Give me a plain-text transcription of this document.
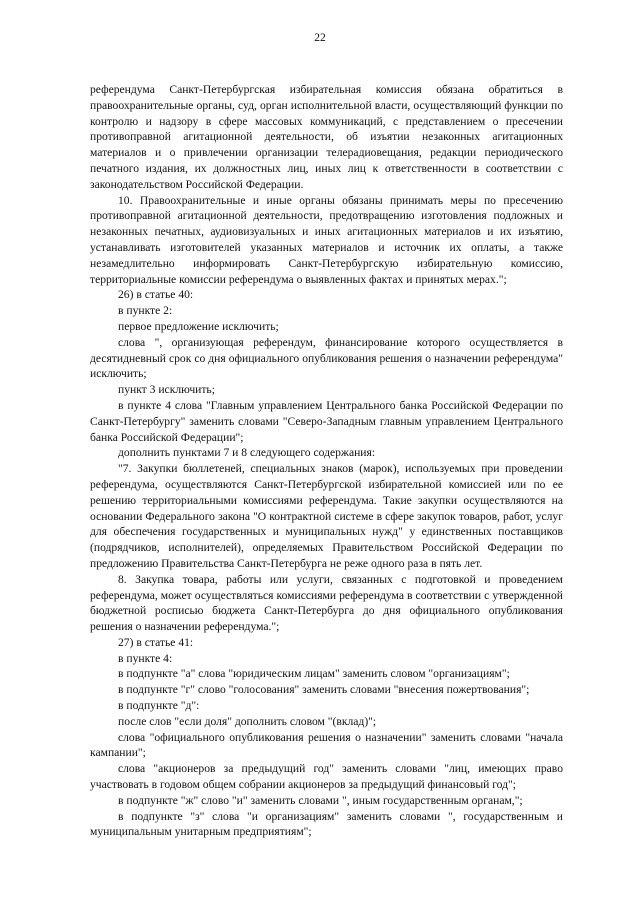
22

референдума Санкт-Петербургская избирательная комиссия обязана обратиться в правоохранительные органы, суд, орган исполнительной власти, осуществляющий функции по контролю и надзору в сфере массовых коммуникаций, с представлением о пресечении противоправной агитационной деятельности, об изъятии незаконных агитационных материалов и о привлечении организации телерадиовещания, редакции периодического печатного издания, их должностных лиц, иных лиц к ответственности в соответствии с законодательством Российской Федерации.

10. Правоохранительные и иные органы обязаны принимать меры по пресечению противоправной агитационной деятельности, предотвращению изготовления подложных и незаконных печатных, аудиовизуальных и иных агитационных материалов и их изъятию, устанавливать изготовителей указанных материалов и источник их оплаты, а также незамедлительно информировать Санкт-Петербургскую избирательную комиссию, территориальные комиссии референдума о выявленных фактах и принятых мерах.";

26) в статье 40:

в пункте 2:

первое предложение исключить;

слова ", организующая референдум, финансирование которого осуществляется в десятидневный срок со дня официального опубликования решения о назначении референдума" исключить;

пункт 3 исключить;

в пункте 4 слова "Главным управлением Центрального банка Российской Федерации по Санкт-Петербургу" заменить словами "Северо-Западным главным управлением Центрального банка Российской Федерации";

дополнить пунктами 7 и 8 следующего содержания:

"7. Закупки бюллетеней, специальных знаков (марок), используемых при проведении референдума, осуществляются Санкт-Петербургской избирательной комиссией или по ее решению территориальными комиссиями референдума. Такие закупки осуществляются на основании Федерального закона "О контрактной системе в сфере закупок товаров, работ, услуг для обеспечения государственных и муниципальных нужд" у единственных поставщиков (подрядчиков, исполнителей), определяемых Правительством Российской Федерации по предложению Правительства Санкт-Петербурга не реже одного раза в пять лет.

8. Закупка товара, работы или услуги, связанных с подготовкой и проведением референдума, может осуществляться комиссиями референдума в соответствии с утвержденной бюджетной росписью бюджета Санкт-Петербурга до дня официального опубликования решения о назначении референдума.";

27) в статье 41:

в пункте 4:

в подпункте "а" слова "юридическим лицам" заменить словом "организациям";

в подпункте "г" слово "голосования" заменить словами "внесения пожертвования";

в подпункте "д":

после слов "если доля" дополнить словом "(вклад)";

слова "официального опубликования решения о назначении" заменить словами "начала кампании";

слова "акционеров за предыдущий год" заменить словами "лиц, имеющих право участвовать в годовом общем собрании акционеров за предыдущий финансовый год";

в подпункте "ж" слово "и" заменить словами ", иным государственным органам,";

в подпункте "з" слова "и организациям" заменить словами ", государственным и муниципальным унитарным предприятиям";
